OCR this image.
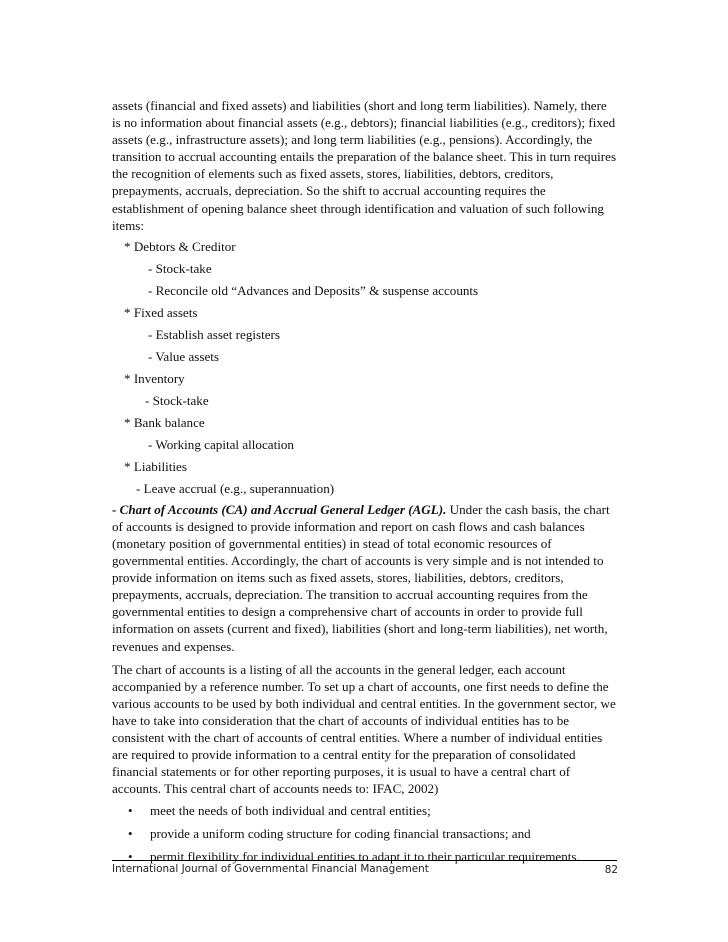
assets (financial and fixed assets) and liabilities (short and long term liabilities). Namely, there is no information about financial assets (e.g., debtors); financial liabilities (e.g., creditors); fixed assets (e.g., infrastructure assets); and long term liabilities (e.g., pensions). Accordingly, the transition to accrual accounting entails the preparation of the balance sheet. This in turn requires the recognition of elements such as fixed assets, stores, liabilities, debtors, creditors, prepayments, accruals, depreciation. So the shift to accrual accounting requires the establishment of opening balance sheet through identification and valuation of such following items:

* Debtors & Creditor
- Stock-take
- Reconcile old “Advances and Deposits” & suspense accounts
* Fixed assets
- Establish asset registers
- Value assets
* Inventory
- Stock-take
* Bank balance
- Working capital allocation
* Liabilities
- Leave accrual (e.g., superannuation)

- Chart of Accounts (CA) and Accrual General Ledger (AGL). Under the cash basis, the chart of accounts is designed to provide information and report on cash flows and cash balances (monetary position of governmental entities) in stead of total economic resources of governmental entities. Accordingly, the chart of accounts is very simple and is not intended to provide information on items such as fixed assets, stores, liabilities, debtors, creditors, prepayments, accruals, depreciation. The transition to accrual accounting requires from the governmental entities to design a comprehensive chart of accounts in order to provide full information on assets (current and fixed), liabilities (short and long-term liabilities), net worth, revenues and expenses.

The chart of accounts is a listing of all the accounts in the general ledger, each account accompanied by a reference number. To set up a chart of accounts, one first needs to define the various accounts to be used by both individual and central entities. In the government sector, we have to take into consideration that the chart of accounts of individual entities has to be consistent with the chart of accounts of central entities. Where a number of individual entities are required to provide information to a central entity for the preparation of consolidated financial statements or for other reporting purposes, it is usual to have a central chart of accounts. This central chart of accounts needs to: IFAC, 2002)

• meet the needs of both individual and central entities;
• provide a uniform coding structure for coding financial transactions; and
• permit flexibility for individual entities to adapt it to their particular requirements.
International Journal of Governmental Financial Management	82
